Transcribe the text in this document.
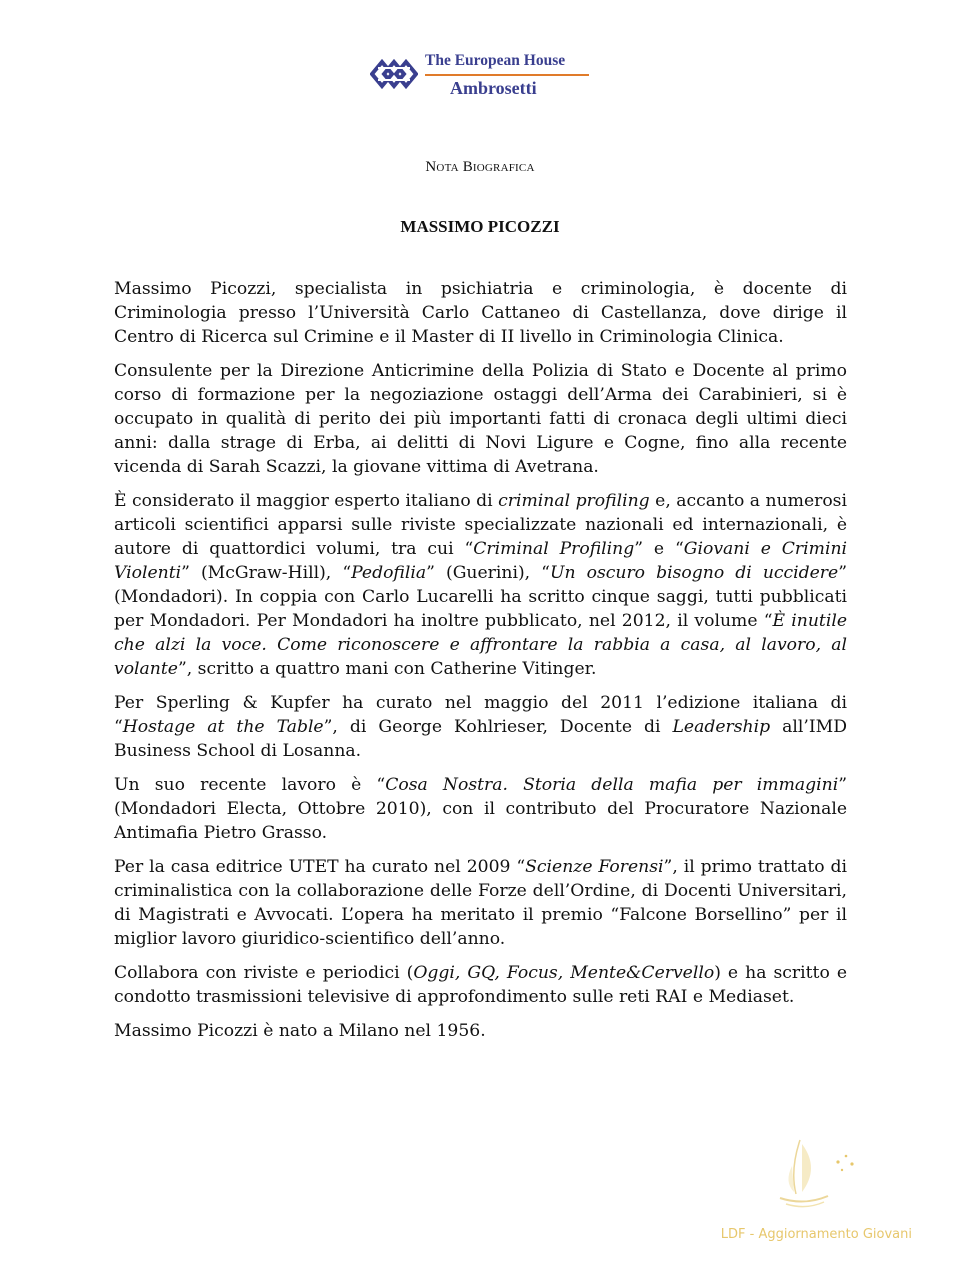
The European House
Ambrosetti

Nota Biografica

MASSIMO PICOZZI

Massimo Picozzi, specialista in psichiatria e criminologia, è docente di Criminologia presso l’Università Carlo Cattaneo di Castellanza, dove dirige il Centro di Ricerca sul Crimine e il Master di II livello in Criminologia Clinica.

Consulente per la Direzione Anticrimine della Polizia di Stato e Docente al primo corso di formazione per la negoziazione ostaggi dell’Arma dei Carabinieri, si è occupato in qualità di perito dei più importanti fatti di cronaca degli ultimi dieci anni: dalla strage di Erba, ai delitti di Novi Ligure e Cogne, fino alla recente vicenda di Sarah Scazzi, la giovane vittima di Avetrana.

È considerato il maggior esperto italiano di criminal profiling e, accanto a numerosi articoli scientifici apparsi sulle riviste specializzate nazionali ed internazionali, è autore di quattordici volumi, tra cui “Criminal Profiling” e “Giovani e Crimini Violenti” (McGraw-Hill), “Pedofilia” (Guerini), “Un oscuro bisogno di uccidere” (Mondadori). In coppia con Carlo Lucarelli ha scritto cinque saggi, tutti pubblicati per Mondadori. Per Mondadori ha inoltre pubblicato, nel 2012, il volume “È inutile che alzi la voce. Come riconoscere e affrontare la rabbia a casa, al lavoro, al volante”, scritto a quattro mani con Catherine Vitinger.

Per Sperling & Kupfer ha curato nel maggio del 2011 l’edizione italiana di “Hostage at the Table”, di George Kohlrieser, Docente di Leadership all’IMD Business School di Losanna.

Un suo recente lavoro è “Cosa Nostra. Storia della mafia per immagini” (Mondadori Electa, Ottobre 2010), con il contributo del Procuratore Nazionale Antimafia Pietro Grasso.

Per la casa editrice UTET ha curato nel 2009 “Scienze Forensi”, il primo trattato di criminalistica con la collaborazione delle Forze dell’Ordine, di Docenti Universitari, di Magistrati e Avvocati. L’opera ha meritato il premio “Falcone Borsellino” per il miglior lavoro giuridico-scientifico dell’anno.

Collabora con riviste e periodici (Oggi, GQ, Focus, Mente&Cervello) e ha scritto e condotto trasmissioni televisive di approfondimento sulle reti RAI e Mediaset.

Massimo Picozzi è nato a Milano nel 1956.

LDF - Aggiornamento Giovani
